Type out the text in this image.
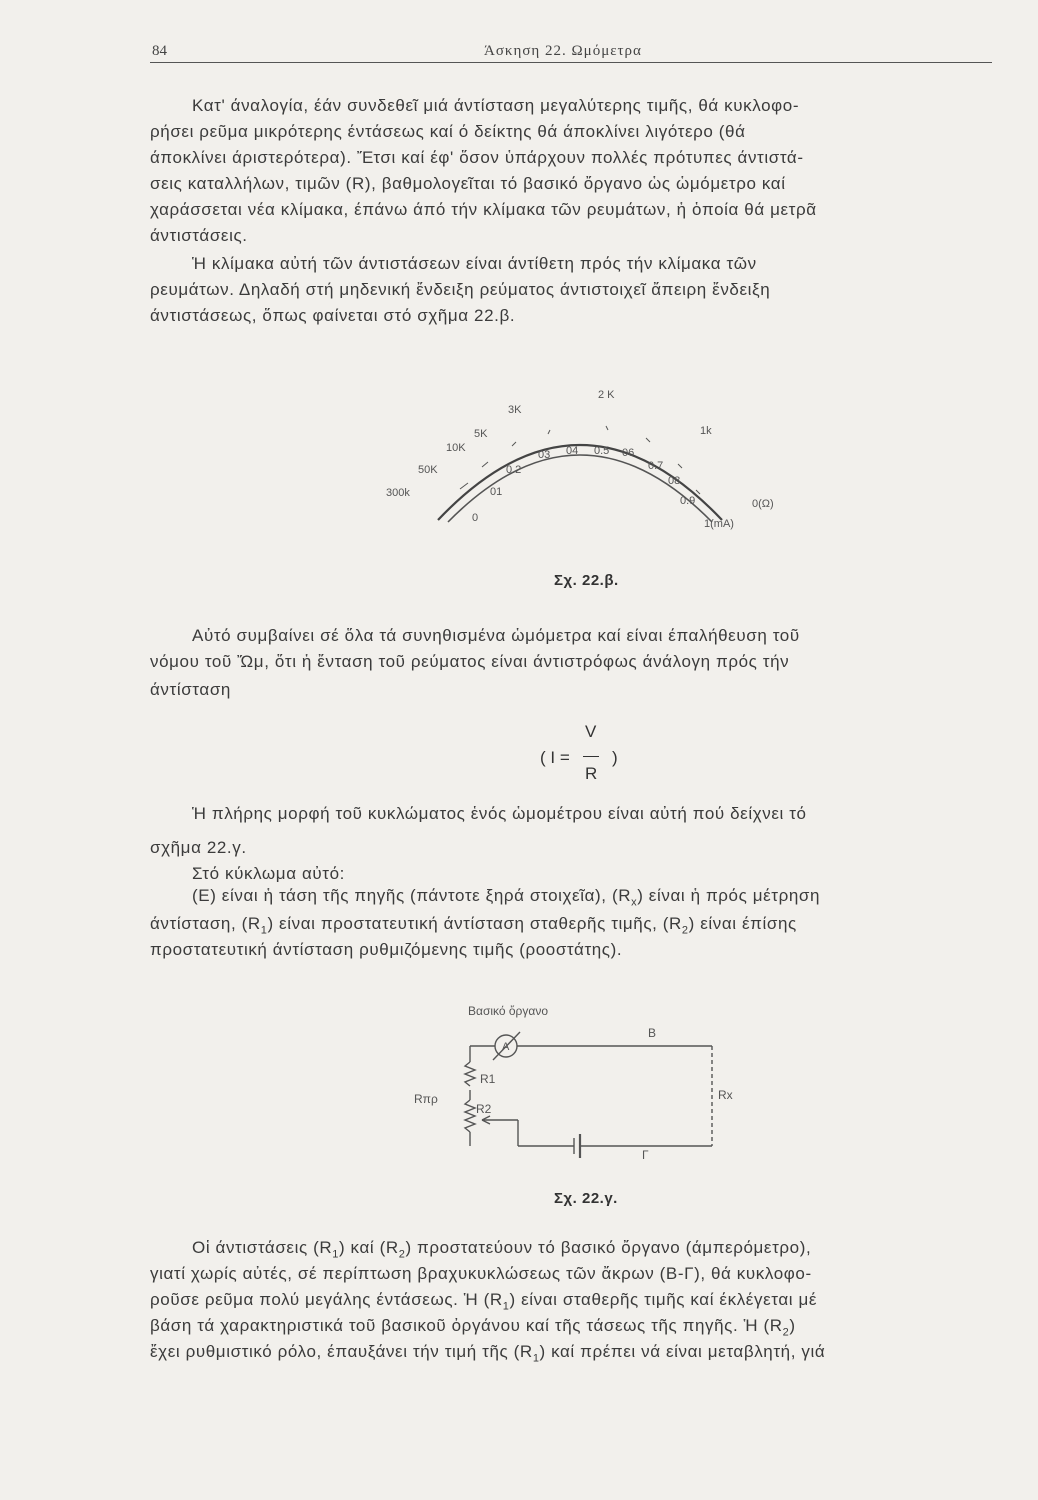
84	Άσκηση 22. Ωμόμετρα
Κατ' άναλογία, έάν συνδεθεῖ μιά άντίσταση μεγαλύτερης τιμῆς, θά κυκλοφο-
ρήσει ρεῦμα μικρότερης έντάσεως καί ό δείκτης θά άποκλίνει λιγότερο (θά
άποκλίνει άριστερότερα). Ἔτσι καί έφ' ὅσον ὑπάρχουν πολλές πρότυπες άντιστά-
σεις καταλλήλων, τιμῶν (R), βαθμολογεῖται τό βασικό ὄργανο ὡς ὡμόμετρο καί
χαράσσεται νέα κλίμακα, έπάνω άπό τήν κλίμακα τῶν ρευμάτων, ἡ ὁποία θά μετρᾶ
άντιστάσεις.
Ἡ κλίμακα αὐτή τῶν άντιστάσεων είναι άντίθετη πρός τήν κλίμακα τῶν
ρευμάτων. Δηλαδή στή μηδενική ἔνδειξη ρεύματος άντιστοιχεῖ ἄπειρη ἔνδειξη
άντιστάσεως, ὅπως φαίνεται στό σχῆμα 22.β.
300k
50K
10K
5K
3K
2 K
1k
0(Ω)
0
01
0.2
03 04 0.5 06
0.7
08
0.9
1(mA)
Σχ. 22.β.
Αὐτό συμβαίνει σέ ὅλα τά συνηθισμένα ὡμόμετρα καί είναι έπαλήθευση τοῦ
νόμου τοῦ Ὤμ, ὅτι ἡ ἔνταση τοῦ ρεύματος είναι άντιστρόφως άνάλογη πρός τήν
άντίσταση
( I =
V
R
)
Ἡ πλήρης μορφή τοῦ κυκλώματος ἑνός ὡμομέτρου είναι αὐτή πού δείχνει τό
σχῆμα 22.γ.
Στό κύκλωμα αὐτό:
(E) είναι ἡ τάση τῆς πηγῆς (πάντοτε ξηρά στοιχεῖα), $(R_x)$ είναι ἡ πρός μέτρηση
άντίσταση, $(R_1)$ είναι προστατευτική άντίσταση σταθερῆς τιμῆς, $(R_2)$ είναι έπίσης
προστατευτική άντίσταση ρυθμιζόμενης τιμῆς (ροοστάτης).
Βασικό ὄργανο
A
R1
R2
Rπρ
B
Rx
Γ
Σχ. 22.γ.
Οἱ άντιστάσεις $(R_1)$ καί $(R_2)$ προστατεύουν τό βασικό ὄργανο (άμπερόμετρο),
γιατί χωρίς αὐτές, σέ περίπτωση βραχυκυκλώσεως τῶν ἄκρων (Β-Γ), θά κυκλοφο-
ροῦσε ρεῦμα πολύ μεγάλης έντάσεως. Ἡ $(R_1)$ είναι σταθερῆς τιμῆς καί έκλέγεται μέ
βάση τά χαρακτηριστικά τοῦ βασικοῦ ὀργάνου καί τῆς τάσεως τῆς πηγῆς. Ἡ $(R_2)$
ἔχει ρυθμιστικό ρόλο, έπαυξάνει τήν τιμή τῆς $(R_1)$ καί πρέπει νά είναι μεταβλητή, γιά
